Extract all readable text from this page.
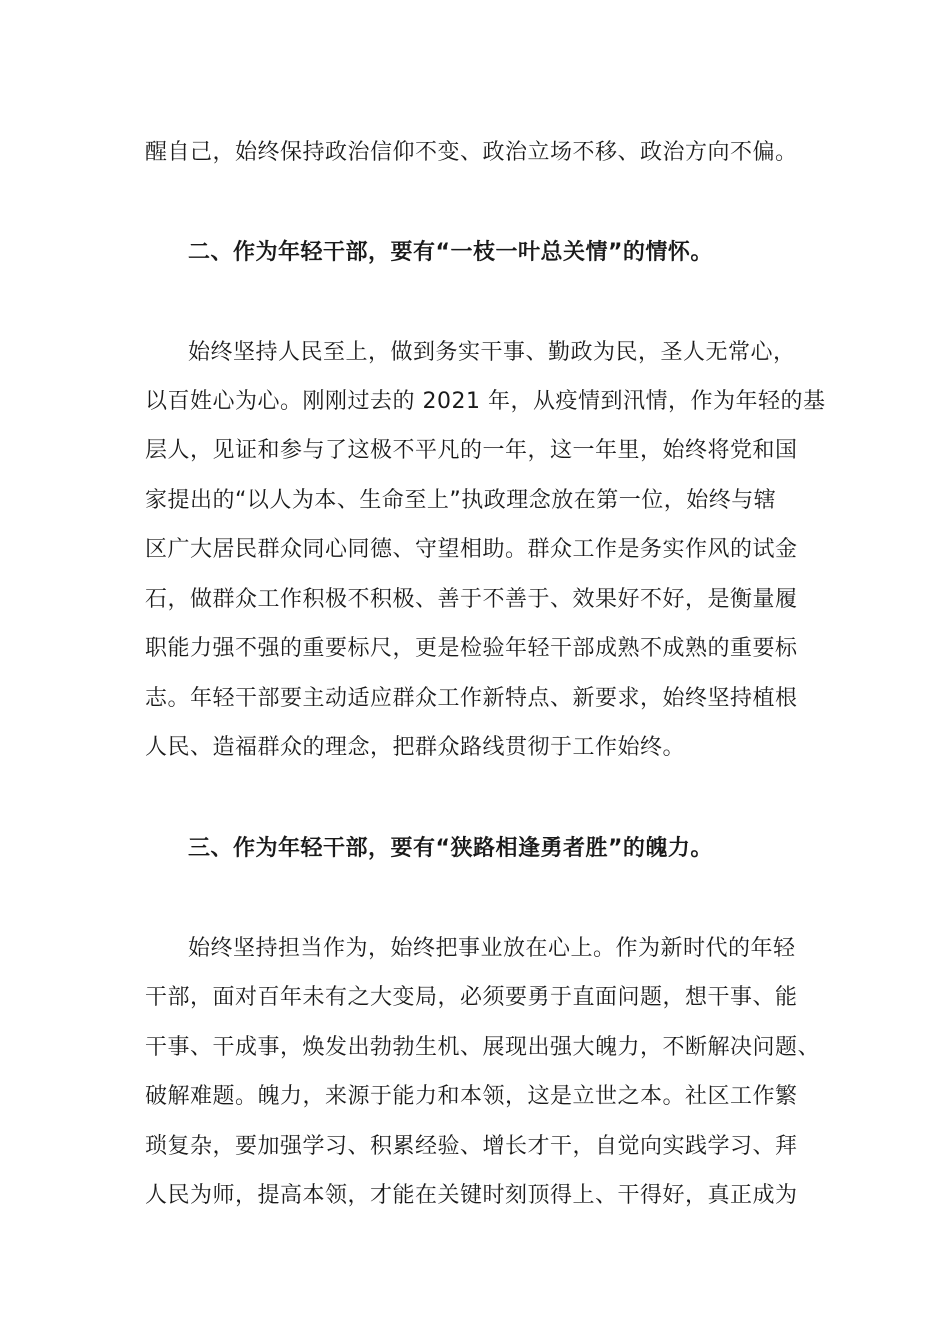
醒自己，始终保持政治信仰不变、政治立场不移、政治方向不偏。
二、作为年轻干部，要有“一枝一叶总关情”的情怀。
始终坚持人民至上，做到务实干事、勤政为民，圣人无常心，
以百姓心为心。刚刚过去的 2021 年，从疫情到汛情，作为年轻的基
层人，见证和参与了这极不平凡的一年，这一年里，始终将党和国
家提出的“以人为本、生命至上”执政理念放在第一位，始终与辖
区广大居民群众同心同德、守望相助。群众工作是务实作风的试金
石，做群众工作积极不积极、善于不善于、效果好不好，是衡量履
职能力强不强的重要标尺，更是检验年轻干部成熟不成熟的重要标
志。年轻干部要主动适应群众工作新特点、新要求，始终坚持植根
人民、造福群众的理念，把群众路线贯彻于工作始终。
三、作为年轻干部，要有“狭路相逢勇者胜”的魄力。
始终坚持担当作为，始终把事业放在心上。作为新时代的年轻
干部，面对百年未有之大变局，必须要勇于直面问题，想干事、能
干事、干成事，焕发出勃勃生机、展现出强大魄力，不断解决问题、
破解难题。魄力，来源于能力和本领，这是立世之本。社区工作繁
琐复杂，要加强学习、积累经验、增长才干，自觉向实践学习、拜
人民为师，提高本领，才能在关键时刻顶得上、干得好，真正成为
